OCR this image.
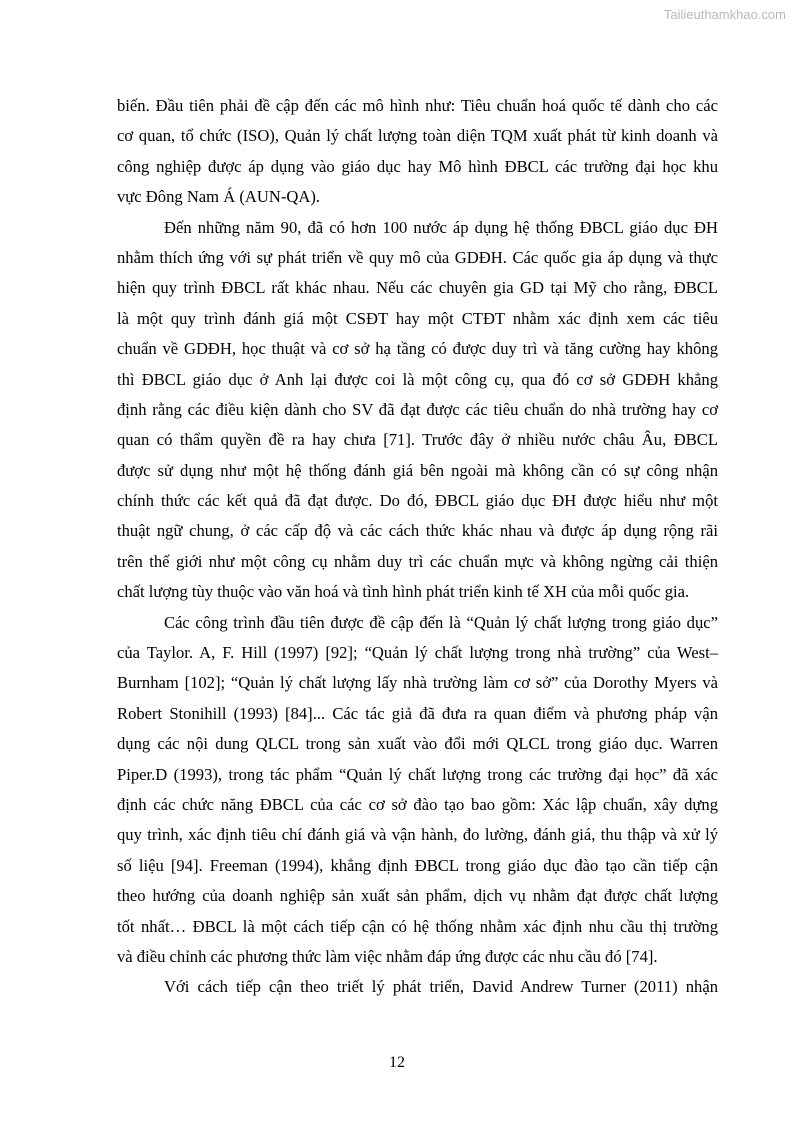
Tailieuthamkhao.com
biến. Đầu tiên phải đề cập đến các mô hình như: Tiêu chuẩn hoá quốc tế dành cho các
cơ quan, tổ chức (ISO), Quản lý chất lượng toàn diện TQM xuất phát từ kinh doanh và
công nghiệp được áp dụng vào giáo dục hay Mô hình ĐBCL các trường đại học khu
vực Đông Nam Á (AUN-QA).
Đến những năm 90, đã có hơn 100 nước áp dụng hệ thống ĐBCL giáo dục ĐH
nhằm thích ứng với sự phát triển về quy mô của GDĐH. Các quốc gia áp dụng và thực
hiện quy trình ĐBCL rất khác nhau. Nếu các chuyên gia GD tại Mỹ cho rằng, ĐBCL
là một quy trình đánh giá một CSĐT hay một CTĐT nhằm xác định xem các tiêu
chuẩn về GDĐH, học thuật và cơ sở hạ tầng có được duy trì và tăng cường hay không
thì ĐBCL giáo dục ở Anh lại được coi là một công cụ, qua đó cơ sở GDĐH khẳng
định rằng các điều kiện dành cho SV đã đạt được các tiêu chuẩn do nhà trường hay cơ
quan có thẩm quyền đề ra hay chưa [71]. Trước đây ở nhiều nước châu Âu, ĐBCL
được sử dụng như một hệ thống đánh giá bên ngoài mà không cần có sự công nhận
chính thức các kết quả đã đạt được. Do đó, ĐBCL giáo dục ĐH được hiểu như một
thuật ngữ chung, ở các cấp độ và các cách thức khác nhau và được áp dụng rộng rãi
trên thế giới như một công cụ nhằm duy trì các chuẩn mực và không ngừng cải thiện
chất lượng tùy thuộc vào văn hoá và tình hình phát triển kinh tế XH của mỗi quốc gia.
Các công trình đầu tiên được đề cập đến là “Quản lý chất lượng trong giáo dục”
của Taylor. A, F. Hill (1997) [92]; “Quản lý chất lượng trong nhà trường” của West–
Burnham [102]; “Quản lý chất lượng lấy nhà trường làm cơ sở” của Dorothy Myers và
Robert Stonihill (1993) [84]... Các tác giả đã đưa ra quan điểm và phương pháp vận
dụng các nội dung QLCL trong sản xuất vào đổi mới QLCL trong giáo dục. Warren
Piper.D (1993), trong tác phẩm “Quản lý chất lượng trong các trường đại học” đã xác
định các chức năng ĐBCL của các cơ sở đào tạo bao gồm: Xác lập chuẩn, xây dựng
quy trình, xác định tiêu chí đánh giá và vận hành, đo lường, đánh giá, thu thập và xử lý
số liệu [94]. Freeman (1994), khẳng định ĐBCL trong giáo dục đào tạo cần tiếp cận
theo hướng của doanh nghiệp sản xuất sản phẩm, dịch vụ nhằm đạt được chất lượng
tốt nhất… ĐBCL là một cách tiếp cận có hệ thống nhằm xác định nhu cầu thị trường
và điều chỉnh các phương thức làm việc nhằm đáp ứng được các nhu cầu đó [74].
Với cách tiếp cận theo triết lý phát triển, David Andrew Turner (2011) nhận
12
